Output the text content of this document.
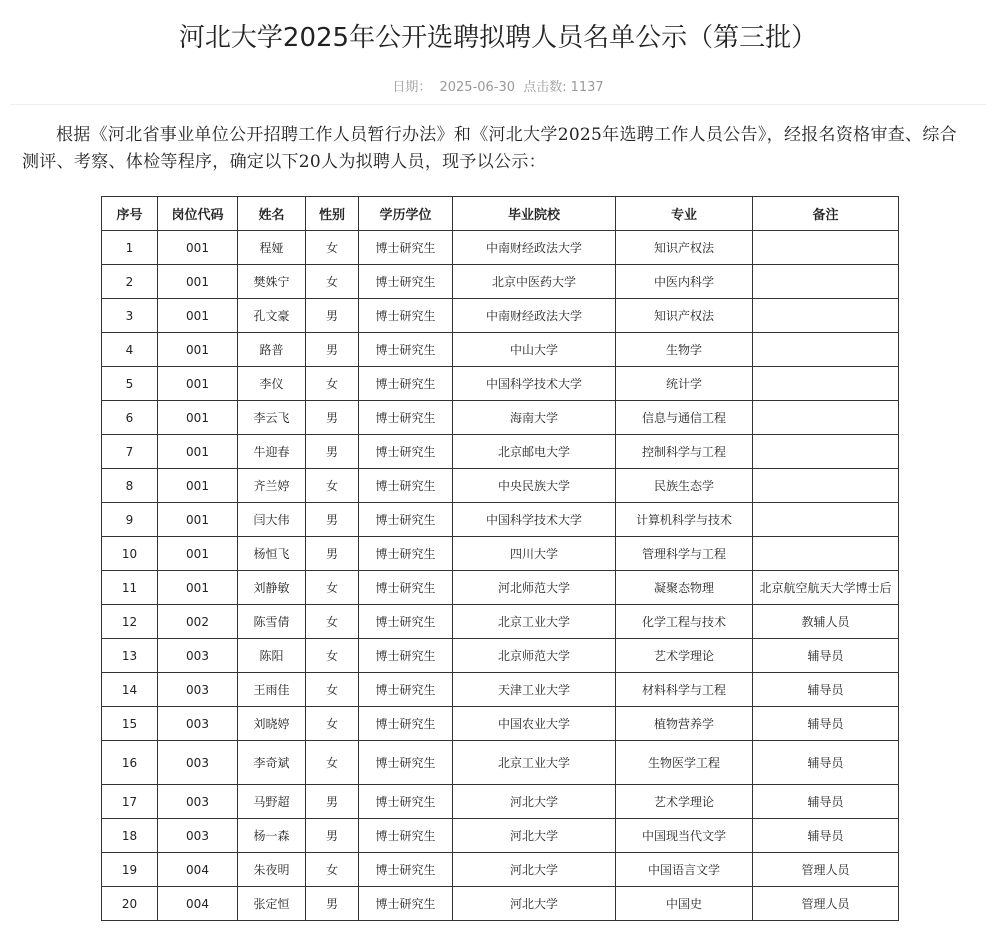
河北大学2025年公开选聘拟聘人员名单公示（第三批）
日期： 2025-06-30 点击数: 1137

根据《河北省事业单位公开招聘工作人员暂行办法》和《河北大学2025年选聘工作人员公告》，经报名资格审查、综合测评、考察、体检等程序，确定以下20人为拟聘人员，现予以公示：

序号	岗位代码	姓名	性别	学历学位	毕业院校	专业	备注
1	001	程娅	女	博士研究生	中南财经政法大学	知识产权法	
2	001	樊姝宁	女	博士研究生	北京中医药大学	中医内科学	
3	001	孔文豪	男	博士研究生	中南财经政法大学	知识产权法	
4	001	路普	男	博士研究生	中山大学	生物学	
5	001	李仪	女	博士研究生	中国科学技术大学	统计学	
6	001	李云飞	男	博士研究生	海南大学	信息与通信工程	
7	001	牛迎春	男	博士研究生	北京邮电大学	控制科学与工程	
8	001	齐兰婷	女	博士研究生	中央民族大学	民族生态学	
9	001	闫大伟	男	博士研究生	中国科学技术大学	计算机科学与技术	
10	001	杨恒飞	男	博士研究生	四川大学	管理科学与工程	
11	001	刘静敏	女	博士研究生	河北师范大学	凝聚态物理	北京航空航天大学博士后
12	002	陈雪倩	女	博士研究生	北京工业大学	化学工程与技术	教辅人员
13	003	陈阳	女	博士研究生	北京师范大学	艺术学理论	辅导员
14	003	王雨佳	女	博士研究生	天津工业大学	材料科学与工程	辅导员
15	003	刘晓婷	女	博士研究生	中国农业大学	植物营养学	辅导员
16	003	李奇斌	女	博士研究生	北京工业大学	生物医学工程	辅导员
17	003	马野超	男	博士研究生	河北大学	艺术学理论	辅导员
18	003	杨一森	男	博士研究生	河北大学	中国现当代文学	辅导员
19	004	朱夜明	女	博士研究生	河北大学	中国语言文学	管理人员
20	004	张定恒	男	博士研究生	河北大学	中国史	管理人员
